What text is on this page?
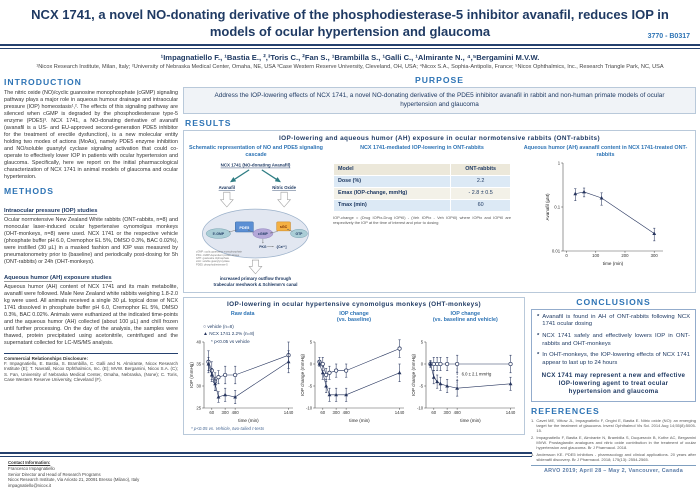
NCX 1741, a novel NO-donating derivative of the phosphodiesterase-5 inhibitor avanafil, reduces IOP in models of ocular hypertension and glaucoma	3770 - B0317
¹Impagnatiello F., ¹Bastia E., ²,³Toris C., ²Fan S., ¹Brambilla S., ¹Galli C., ¹Almirante N., ⁴,⁵Bergamini M.V.W.
¹Nicox Research Institute, Milan, Italy; ²University of Nebraska Medical Center, Omaha, NE, USA ³Case Western Reserve University, Cleveland, OH, USA; ⁴Nicox S.A., Sophia-Antipolis, France; ⁵Nicox Ophthalmics, Inc., Research Triangle Park, NC, USA
INTRODUCTION
The nitric oxide (NO)/cyclic guanosine monophosphate (cGMP) signaling pathway plays a major role in aqueous humour drainage and intraocular pressure (IOP) homeostasis¹,². The effects of this signaling pathway are silenced when cGMP is degraded by the phosphodiesterase type-5 enzyme (PDE5)³. NCX 1741, a NO-donating derivative of avanafil (avanafil is a US- and EU-approved second-generation PDE5 inhibitor for the treatment of erectile dysfunction), is a new molecular entity holding two modes of actions (MoAs), namely PDE5 enzyme inhibition and NO/soluble guanylyl cyclase signaling activation that could co-operate to effectively lower IOP in patients with ocular hypertension and glaucoma. Specifically, here we report on the initial pharmacological characterization of NCX 1741 in animal models of glaucoma and ocular hypertension.
METHODS
Intraocular pressure (IOP) studies
Ocular normotensive New Zealand White rabbits (ONT-rabbits, n=8) and monocular laser-induced ocular hypertensive cynomolgus monkeys (OHT-monkeys, n=8) were used. NCX 1741 or the respective vehicle (phosphate buffer pH 6.0, Cremophor EL 5%, DMSO 0.3%, BAC 0.02%), were instilled (30 µL) in a masked fashion and IOP was measured by pneumatonometry prior to (baseline) and periodically post-dosing for 5h (ONT-rabbits) or 24h (OHT-monkeys).
Aqueous humor (AH) exposure studies
Aqueous humor (AH) content of NCX 1741 and its main metabolite, avanafil were followed. Male New Zealand white rabbits weighing 1.8-2.0 kg were used. All animals received a single 30 µL topical dose of NCX 1741 dissolved in phosphate buffer pH 6.0, Cremophor EL 5%, DMSO 0.3%, BAC 0.02%. Animals were euthanized at the indicated time-points and the aqueous humor (AH) collected (about 100 µL) and chill frozen until further processing. On the day of the analysis, the samples were thawed, protein precipitated using acetonitrile, centrifuged and the supernatant collected for LC-MS/MS analysis.
Commercial Relationships Disclosure:
F. Impagnatiello, E. Bastia, S. Brambilla, C. Galli and N. Almirante, Nicox Research Institute (E); T. Navratil, Nicox Ophthalmics, Inc. (E); MVW. Bergamini, Nicox S.A. (C); S. Fan, University of Nebraska Medical Center, Omaha, Nebraska, (None); C. Toris, Case Western Reserve University, Cleveland (F).
PURPOSE
Address the IOP-lowering effects of NCX 1741, a novel NO-donating derivative of the PDE5 inhibitor avanafil in rabbit and non-human primate models of ocular hypertension and glaucoma
RESULTS
IOP-lowering and aqueous humor (AH) exposure in ocular normotensive rabbits (ONT-rabbits)
Schematic representation of NO and PDE5 signaling cascade
NCX 1741 (NO-donating Avanafil)
Avanafil	Nitric Oxide
5'-GMP
PDE5
cGMP
sGC
GTP
PKG	↓[Ca²⁺]
cGMP: cyclic guanosine monophosphate
PKG: cGMP-dependent protein kinase
GTP: guanosine triphosphate
sGC: soluble guanylyl cyclase
PDE5: phosphodiesterase-5
increased primary outflow through
trabecular meshwork & Schlemm's canal
NCX 1741-mediated IOP-lowering in ONT-rabbits
Model	ONT-rabbits
Dose (%)	2.2
Emax (IOP-change, mmHg)	- 2.8 ± 0.5
Tmax (min)	60
IOP-change = (Drug IOPtx-Drug IOPt0) - (Veh IOPtx - Veh IOPt0) where IOPtx and IOPt0 are respectively the IOP at the time of interest and prior to dosing
Aqueous humor (AH) avanafil content in NCX 1741-treated ONT-rabbits
0.01
0.1
1
0	100	200	300
Avanafil (µM)
time (min)
IOP-lowering in ocular hypertensive cynomolgus monkeys (OHT-monkeys)
Raw data
○ vehicle (n=8)
▲ NCX 1741 2.2% (n=8)
* p<0.05 vs vehicle
25
30
35
40
60 300 480	1440
IOP (mmHg)
time (min)
IOP change
(vs. baseline)
-10
-5
0
5
60 300 480	1440
IOP change (mmHg)
time (min)
IOP change
(vs. baseline and vehicle)
-10
-5
0
5
60 300 480	1440
IOP change (mmHg)
time (min)
6.0 ± 2.1 mmHg
* p<0.05 vs. Vehicle, two-tailed t-tests
CONCLUSIONS
* Avanafil is found in AH of ONT-rabbits following NCX 1741 ocular dosing
* NCX 1741 safely and effectively lowers IOP in ONT-rabbits and OHT-monkeys
* In OHT-monkeys, the IOP-lowering effects of NCX 1741 appear to last up to 24 hours
NCX 1741 may represent a new and effective IOP-lowering agent to treat ocular hypertension and glaucoma
REFERENCES
1. Cavet ME, Vittow JL, Impagnatiello F, Ongini E, Bastia E. Nitric oxide (NO): an emerging target for the treatment of glaucoma. Invest Ophthalmol Vis Sci. 2014 Aug 14;55(8):5005-15.
2. Impagnatiello F, Bastia E, Almirante N, Brambilla S, Duquesroix B, Kothe AC, Bergamini MVW. Prostaglandin analogues and nitric oxide contribution in the treatment of ocular hypertension and glaucoma. Br J Pharmacol. 2018.
3. Andersson KE. PDE5 inhibitors - pharmacology and clinical applications. 20 years after sildenafil discovery. Br J Pharmacol. 2018; 175(13): 2554-2565.
ARVO 2019; April 28 – May 2, Vancouver, Canada
Contact Information:
Francesco Impagnatiello
Senior Director and Head of Research Programs
Nicox Research Institute, Via Ariosto 21, 20091 Bresso (Milano), Italy
impagnatiello@nicox.it
